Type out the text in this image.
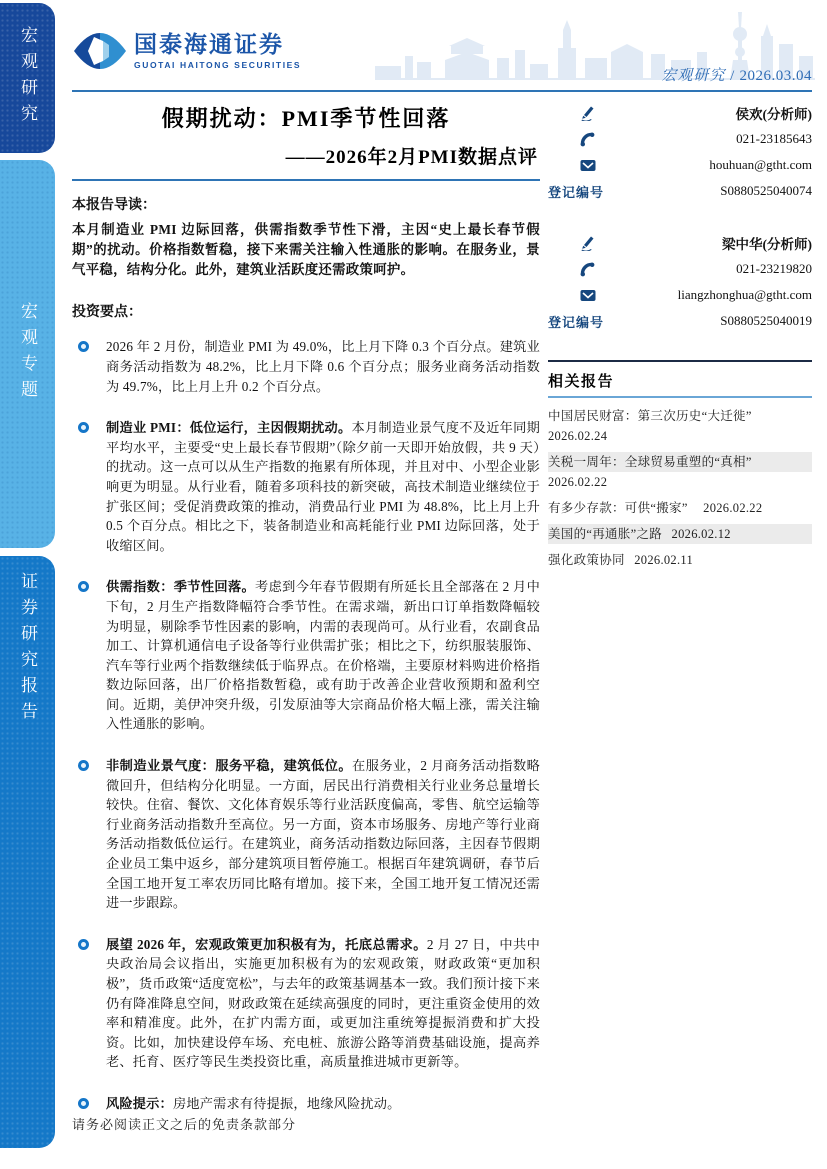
宏观研究
宏观专题
证券研究报告
国泰海通证券
GUOTAI HAITONG SECURITIES
宏观研究 / 2026.03.04
假期扰动：PMI季节性回落
——2026年2月PMI数据点评
本报告导读：
本月制造业 PMI 边际回落，供需指数季节性下滑，主因“史上最长春节假期”的扰动。价格指数暂稳，接下来需关注输入性通胀的影响。在服务业，景气平稳，结构分化。此外，建筑业活跃度还需政策呵护。
投资要点：
2026 年 2 月份，制造业 PMI 为 49.0%，比上月下降 0.3 个百分点。建筑业商务活动指数为 48.2%，比上月下降 0.6 个百分点；服务业商务活动指数为 49.7%，比上月上升 0.2 个百分点。
制造业 PMI：低位运行，主因假期扰动。本月制造业景气度不及近年同期平均水平，主要受“史上最长春节假期”（除夕前一天即开始放假，共 9 天）的扰动。这一点可以从生产指数的拖累有所体现，并且对中、小型企业影响更为明显。从行业看，随着多项科技的新突破，高技术制造业继续位于扩张区间；受促消费政策的推动，消费品行业 PMI 为 48.8%，比上月上升 0.5 个百分点。相比之下，装备制造业和高耗能行业 PMI 边际回落，处于收缩区间。
供需指数：季节性回落。考虑到今年春节假期有所延长且全部落在 2 月中下旬，2 月生产指数降幅符合季节性。在需求端，新出口订单指数降幅较为明显，剔除季节性因素的影响，内需的表现尚可。从行业看，农副食品加工、计算机通信电子设备等行业供需扩张；相比之下，纺织服装服饰、汽车等行业两个指数继续低于临界点。在价格端，主要原材料购进价格指数边际回落，出厂价格指数暂稳，或有助于改善企业营收预期和盈利空间。近期，美伊冲突升级，引发原油等大宗商品价格大幅上涨，需关注输入性通胀的影响。
非制造业景气度：服务平稳，建筑低位。在服务业，2 月商务活动指数略微回升，但结构分化明显。一方面，居民出行消费相关行业业务总量增长较快。住宿、餐饮、文化体育娱乐等行业活跃度偏高，零售、航空运输等行业商务活动指数升至高位。另一方面，资本市场服务、房地产等行业商务活动指数低位运行。在建筑业，商务活动指数边际回落，主因春节假期企业员工集中返乡，部分建筑项目暂停施工。根据百年建筑调研，春节后全国工地开复工率农历同比略有增加。接下来，全国工地开复工情况还需进一步跟踪。
展望 2026 年，宏观政策更加积极有为，托底总需求。2 月 27 日，中共中央政治局会议指出，实施更加积极有为的宏观政策，财政政策“更加积极”，货币政策“适度宽松”，与去年的政策基调基本一致。我们预计接下来仍有降准降息空间，财政政策在延续高强度的同时，更注重资金使用的效率和精准度。此外，在扩内需方面，或更加注重统筹提振消费和扩大投资。比如，加快建设停车场、充电桩、旅游公路等消费基础设施，提高养老、托育、医疗等民生类投资比重，高质量推进城市更新等。
风险提示：房地产需求有待提振，地缘风险扰动。
侯欢(分析师)
021-23185643
houhuan@gtht.com
登记编号	S0880525040074
梁中华(分析师)
021-23219820
liangzhonghua@gtht.com
登记编号	S0880525040019
相关报告
中国居民财富：第三次历史“大迁徙”
2026.02.24
关税一周年：全球贸易重塑的“真相”
2026.02.22
有多少存款：可供“搬家” 2026.02.22
美国的“再通胀”之路 2026.02.12
强化政策协同 2026.02.11
请务必阅读正文之后的免责条款部分
